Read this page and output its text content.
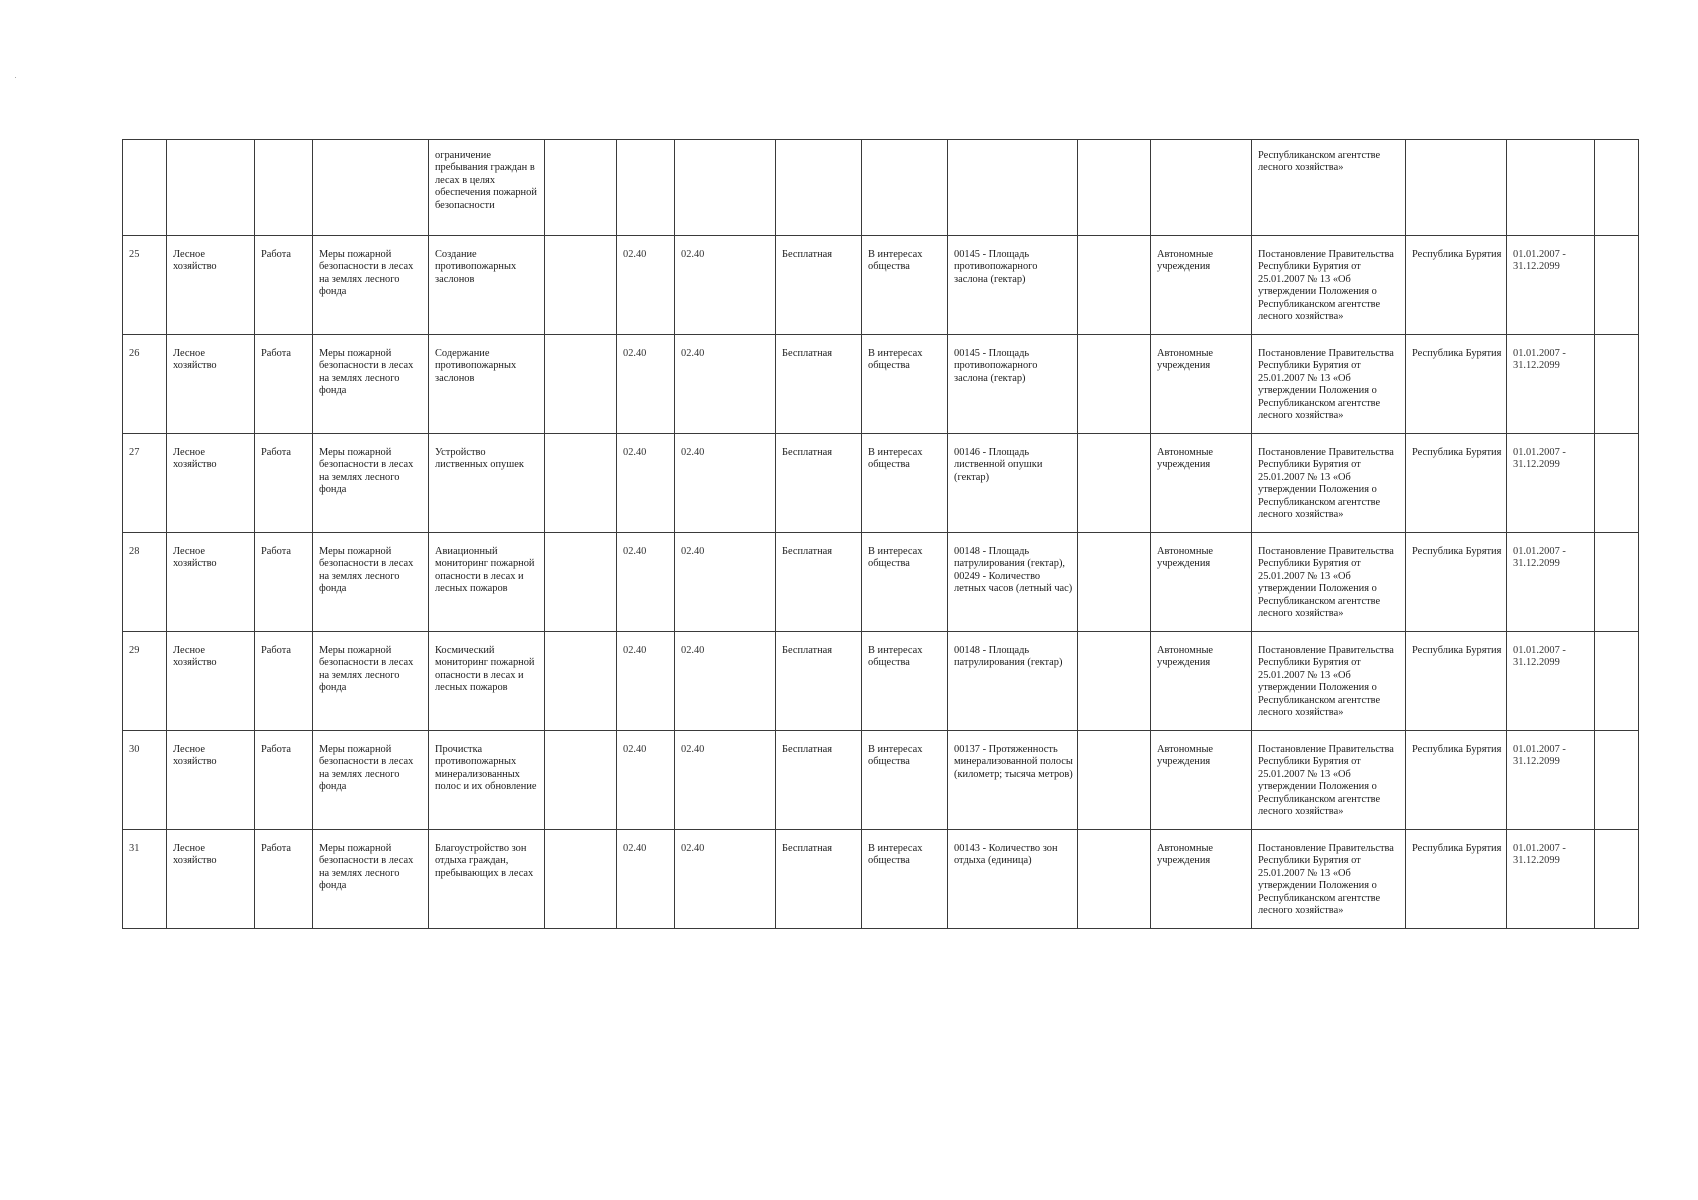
·
				ограничение пребывания граждан в лесах в целях обеспечения пожарной безопасности									Республиканском агентстве лесного хозяйства»			
25	Лесное хозяйство	Работа	Меры пожарной безопасности в лесах на землях лесного фонда	Создание противопожарных заслонов		02.40	02.40	Бесплатная	В интересах общества	00145 - Площадь противопожарного заслона (гектар)		Автономные учреждения	Постановление Правительства Республики Бурятия от 25.01.2007 № 13 «Об утверждении Положения о Республиканском агентстве лесного хозяйства»	Республика Бурятия	01.01.2007 - 31.12.2099	
26	Лесное хозяйство	Работа	Меры пожарной безопасности в лесах на землях лесного фонда	Содержание противопожарных заслонов		02.40	02.40	Бесплатная	В интересах общества	00145 - Площадь противопожарного заслона (гектар)		Автономные учреждения	Постановление Правительства Республики Бурятия от 25.01.2007 № 13 «Об утверждении Положения о Республиканском агентстве лесного хозяйства»	Республика Бурятия	01.01.2007 - 31.12.2099	
27	Лесное хозяйство	Работа	Меры пожарной безопасности в лесах на землях лесного фонда	Устройство лиственных опушек		02.40	02.40	Бесплатная	В интересах общества	00146 - Площадь лиственной опушки (гектар)		Автономные учреждения	Постановление Правительства Республики Бурятия от 25.01.2007 № 13 «Об утверждении Положения о Республиканском агентстве лесного хозяйства»	Республика Бурятия	01.01.2007 - 31.12.2099	
28	Лесное хозяйство	Работа	Меры пожарной безопасности в лесах на землях лесного фонда	Авиационный мониторинг пожарной опасности в лесах и лесных пожаров		02.40	02.40	Бесплатная	В интересах общества	00148 - Площадь патрулирования (гектар), 00249 - Количество летных часов (летный час)		Автономные учреждения	Постановление Правительства Республики Бурятия от 25.01.2007 № 13 «Об утверждении Положения о Республиканском агентстве лесного хозяйства»	Республика Бурятия	01.01.2007 - 31.12.2099	
29	Лесное хозяйство	Работа	Меры пожарной безопасности в лесах на землях лесного фонда	Космический мониторинг пожарной опасности в лесах и лесных пожаров		02.40	02.40	Бесплатная	В интересах общества	00148 - Площадь патрулирования (гектар)		Автономные учреждения	Постановление Правительства Республики Бурятия от 25.01.2007 № 13 «Об утверждении Положения о Республиканском агентстве лесного хозяйства»	Республика Бурятия	01.01.2007 - 31.12.2099	
30	Лесное хозяйство	Работа	Меры пожарной безопасности в лесах на землях лесного фонда	Прочистка противопожарных минерализованных полос и их обновление		02.40	02.40	Бесплатная	В интересах общества	00137 - Протяженность минерализованной полосы (километр; тысяча метров)		Автономные учреждения	Постановление Правительства Республики Бурятия от 25.01.2007 № 13 «Об утверждении Положения о Республиканском агентстве лесного хозяйства»	Республика Бурятия	01.01.2007 - 31.12.2099	
31	Лесное хозяйство	Работа	Меры пожарной безопасности в лесах на землях лесного фонда	Благоустройство зон отдыха граждан, пребывающих в лесах		02.40	02.40	Бесплатная	В интересах общества	00143 - Количество зон отдыха (единица)		Автономные учреждения	Постановление Правительства Республики Бурятия от 25.01.2007 № 13 «Об утверждении Положения о Республиканском агентстве лесного хозяйства»	Республика Бурятия	01.01.2007 - 31.12.2099	
